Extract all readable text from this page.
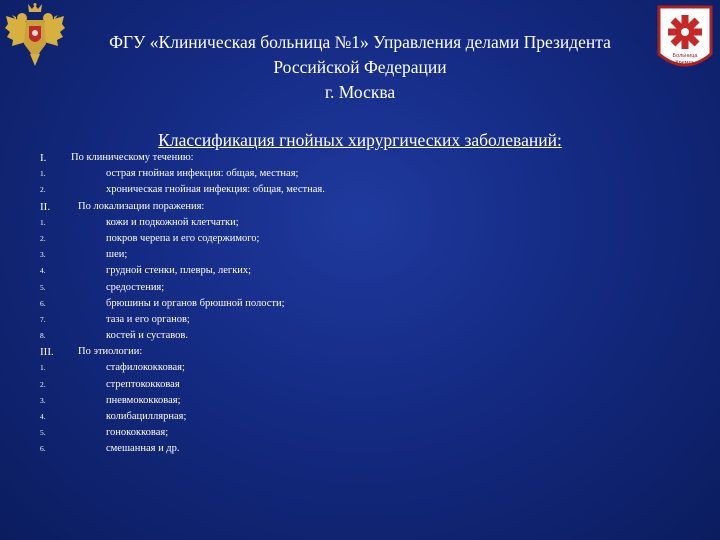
Больница
Кремль
ФГУ «Клиническая больница №1» Управления делами Президента
Российской Федерации
г. Москва
Классификация гнойных хирургических заболеваний:
I. По клиническому течению:
1.	острая гнойная инфекция: общая, местная;
2.	хроническая гнойная инфекция: общая, местная.
II.	По локализации поражения:
1.	кожи и подкожной клетчатки;
2.	покров черепа и его содержимого;
3.	шеи;
4.	грудной стенки, плевры, легких;
5.	средостения;
6.	брюшины и органов брюшной полости;
7.	таза и его органов;
8.	костей и суставов.
III. По этиологии:
1.	стафилококковая;
2.	стрептококковая
3.	пневмококковая;
4.	колибациллярная;
5.	гонококковая;
6.	смешанная и др.
